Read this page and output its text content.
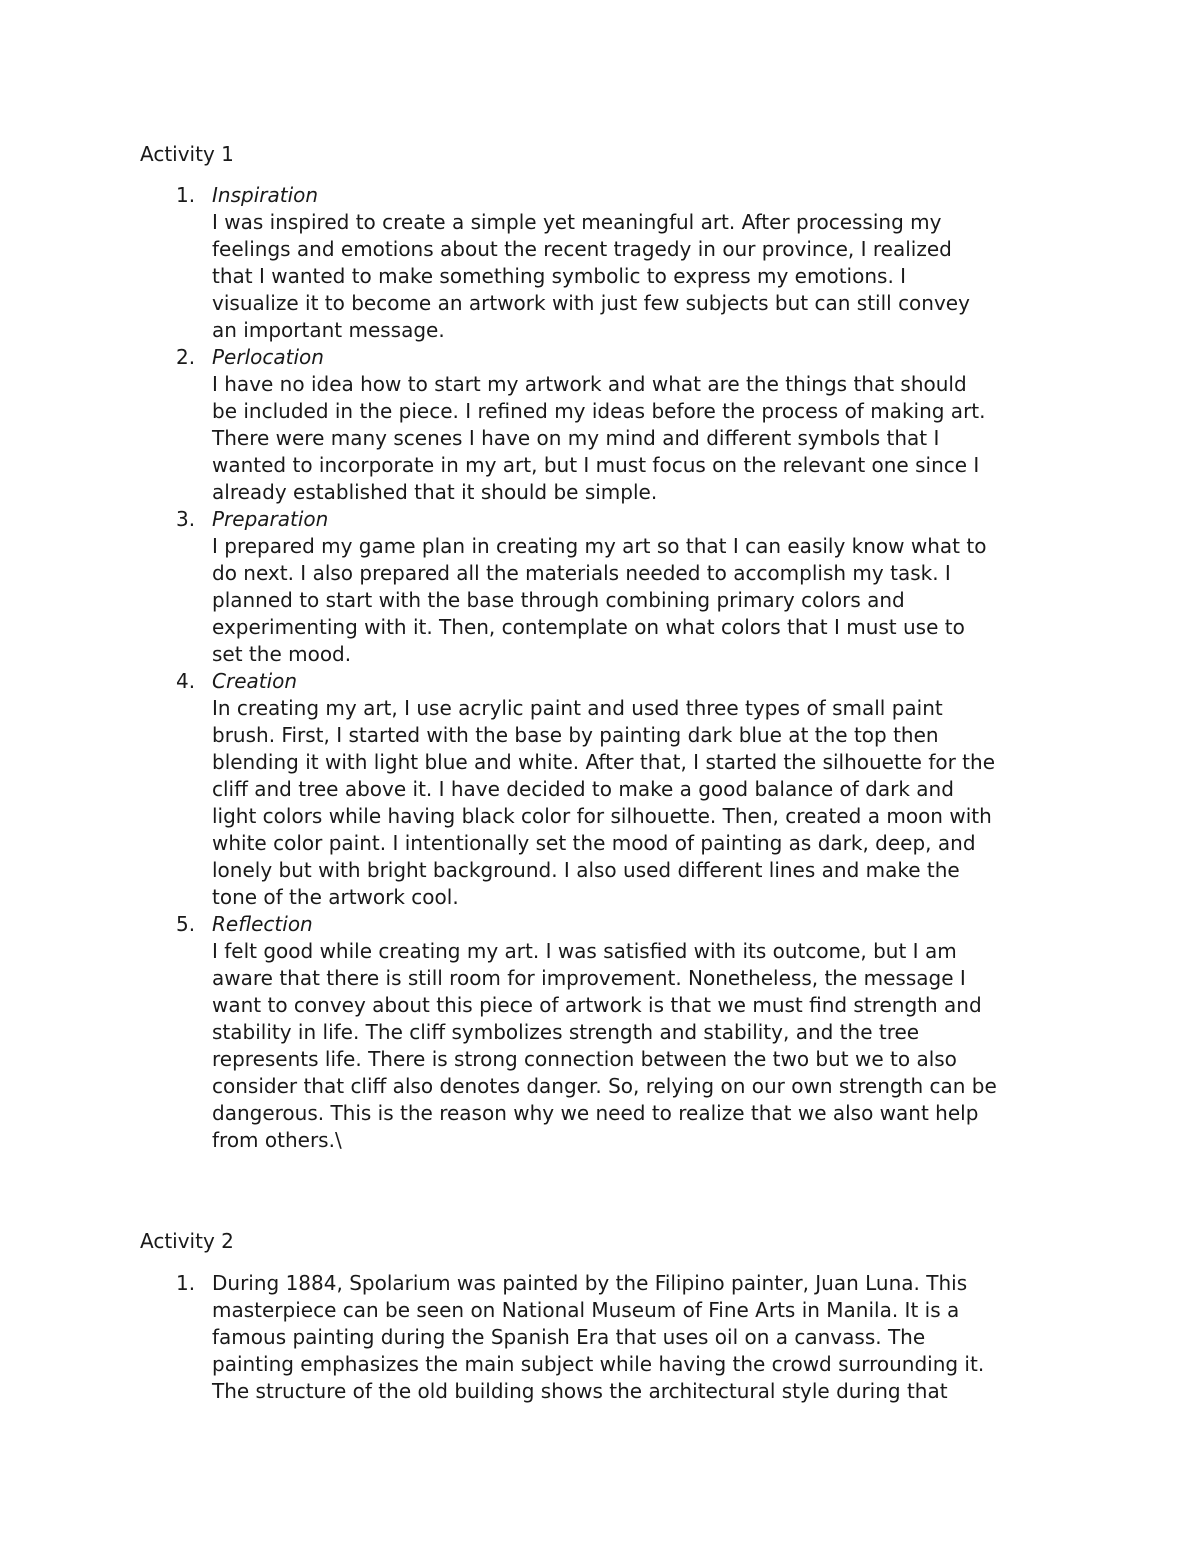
Activity 1
1. Inspiration
I was inspired to create a simple yet meaningful art. After processing my
feelings and emotions about the recent tragedy in our province, I realized
that I wanted to make something symbolic to express my emotions. I
visualize it to become an artwork with just few subjects but can still convey
an important message.
2. Perlocation
I have no idea how to start my artwork and what are the things that should
be included in the piece. I refined my ideas before the process of making art.
There were many scenes I have on my mind and different symbols that I
wanted to incorporate in my art, but I must focus on the relevant one since I
already established that it should be simple.
3. Preparation
I prepared my game plan in creating my art so that I can easily know what to
do next. I also prepared all the materials needed to accomplish my task. I
planned to start with the base through combining primary colors and
experimenting with it. Then, contemplate on what colors that I must use to
set the mood.
4. Creation
In creating my art, I use acrylic paint and used three types of small paint
brush. First, I started with the base by painting dark blue at the top then
blending it with light blue and white. After that, I started the silhouette for the
cliff and tree above it. I have decided to make a good balance of dark and
light colors while having black color for silhouette. Then, created a moon with
white color paint. I intentionally set the mood of painting as dark, deep, and
lonely but with bright background. I also used different lines and make the
tone of the artwork cool.
5. Reflection
I felt good while creating my art. I was satisfied with its outcome, but I am
aware that there is still room for improvement. Nonetheless, the message I
want to convey about this piece of artwork is that we must find strength and
stability in life. The cliff symbolizes strength and stability, and the tree
represents life. There is strong connection between the two but we to also
consider that cliff also denotes danger. So, relying on our own strength can be
dangerous. This is the reason why we need to realize that we also want help
from others.\
Activity 2
1. During 1884, Spolarium was painted by the Filipino painter, Juan Luna. This
masterpiece can be seen on National Museum of Fine Arts in Manila. It is a
famous painting during the Spanish Era that uses oil on a canvass. The
painting emphasizes the main subject while having the crowd surrounding it.
The structure of the old building shows the architectural style during that
